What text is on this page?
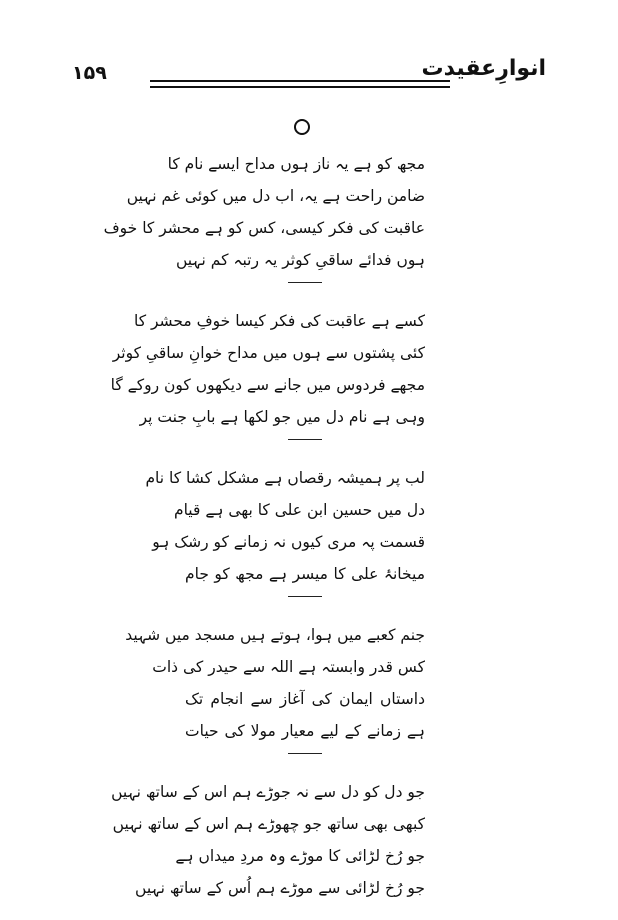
۱۵۹	انوارِعقیدت
مجھ کو ہے یہ ناز ہوں مداح ایسے نام کا
ضامن راحت ہے یہ، اب دل میں کوئی غم نہیں
عاقبت کی فکر کیسی، کس کو ہے محشر کا خوف
ہوں فدائے ساقیِ کوثر یہ رتبہ کم نہیں
کسے ہے عاقبت کی فکر کیسا خوفِ محشر کا
کئی پشتوں سے ہوں میں مداح خوانِ ساقیِ کوثر
مجھے فردوس میں جانے سے دیکھوں کون روکے گا
وہی ہے نام دل میں جو لکھا ہے بابِ جنت پر
لب پر ہمیشہ رقصاں ہے مشکل کشا کا نام
دل میں حسین ابن علی کا بھی ہے قیام
قسمت پہ مری کیوں نہ زمانے کو رشک ہو
میخانۂ علی کا میسر ہے مجھ کو جام
جنم کعبے میں ہوا، ہوتے ہیں مسجد میں شہید
کس قدر وابستہ ہے اللہ سے حیدر کی ذات
داستاں ایمان کی آغاز سے انجام تک
ہے زمانے کے لیے معیار مولا کی حیات
جو دل کو دل سے نہ جوڑے ہم اس کے ساتھ نہیں
کبھی بھی ساتھ جو چھوڑے ہم اس کے ساتھ نہیں
جو رُخ لڑائی کا موڑے وہ مردِ میداں ہے
جو رُخ لڑائی سے موڑے ہم اُس کے ساتھ نہیں
